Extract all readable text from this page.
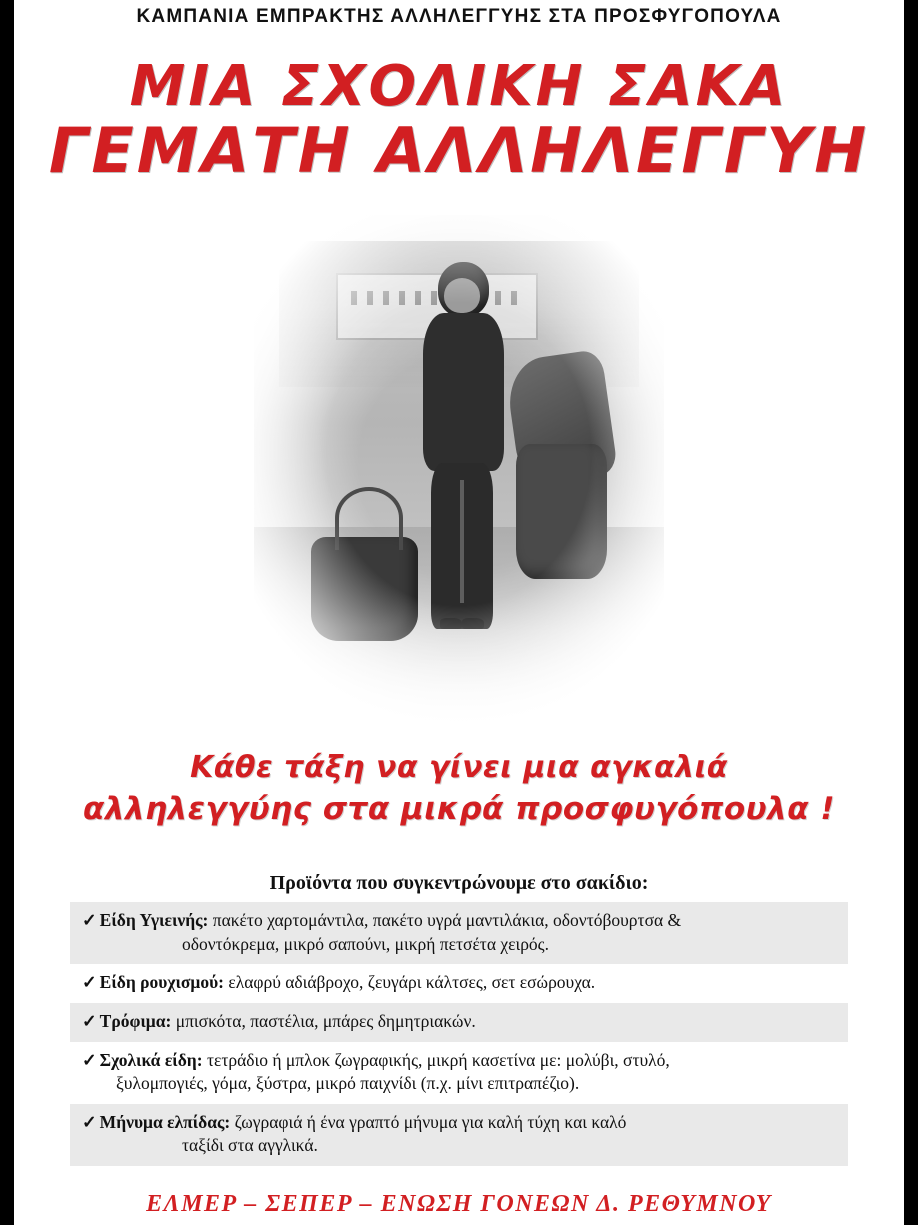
ΚΑΜΠΑΝΙΑ ΕΜΠΡΑΚΤΗΣ ΑΛΛΗΛΕΓΓΥΗΣ ΣΤΑ ΠΡΟΣΦΥΓΟΠΟΥΛΑ
ΜΙΑ ΣΧΟΛΙΚΗ ΣΑΚΑ
ΓΕΜΑΤΗ ΑΛΛΗΛΕΓΓΥΗ
Κάθε τάξη να γίνει μια αγκαλιά
αλληλεγγύης στα μικρά προσφυγόπουλα !
Προϊόντα που συγκεντρώνουμε στο σακίδιο:
✓ Είδη Υγιεινής: πακέτο χαρτομάντιλα, πακέτο υγρά μαντιλάκια, οδοντόβουρτσα &
οδοντόκρεμα, μικρό σαπούνι, μικρή πετσέτα χειρός.
✓ Είδη ρουχισμού: ελαφρύ αδιάβροχο, ζευγάρι κάλτσες, σετ εσώρουχα.
✓ Τρόφιμα: μπισκότα, παστέλια, μπάρες δημητριακών.
✓ Σχολικά είδη: τετράδιο ή μπλοκ ζωγραφικής, μικρή κασετίνα με: μολύβι, στυλό,
ξυλομπογιές, γόμα, ξύστρα, μικρό παιχνίδι (π.χ. μίνι επιτραπέζιο).
✓ Μήνυμα ελπίδας: ζωγραφιά ή ένα γραπτό μήνυμα για καλή τύχη και καλό
ταξίδι στα αγγλικά.
ΕΛΜΕΡ – ΣΕΠΕΡ – ΕΝΩΣΗ ΓΟΝΕΩΝ Δ. ΡΕΘΥΜΝΟΥ
